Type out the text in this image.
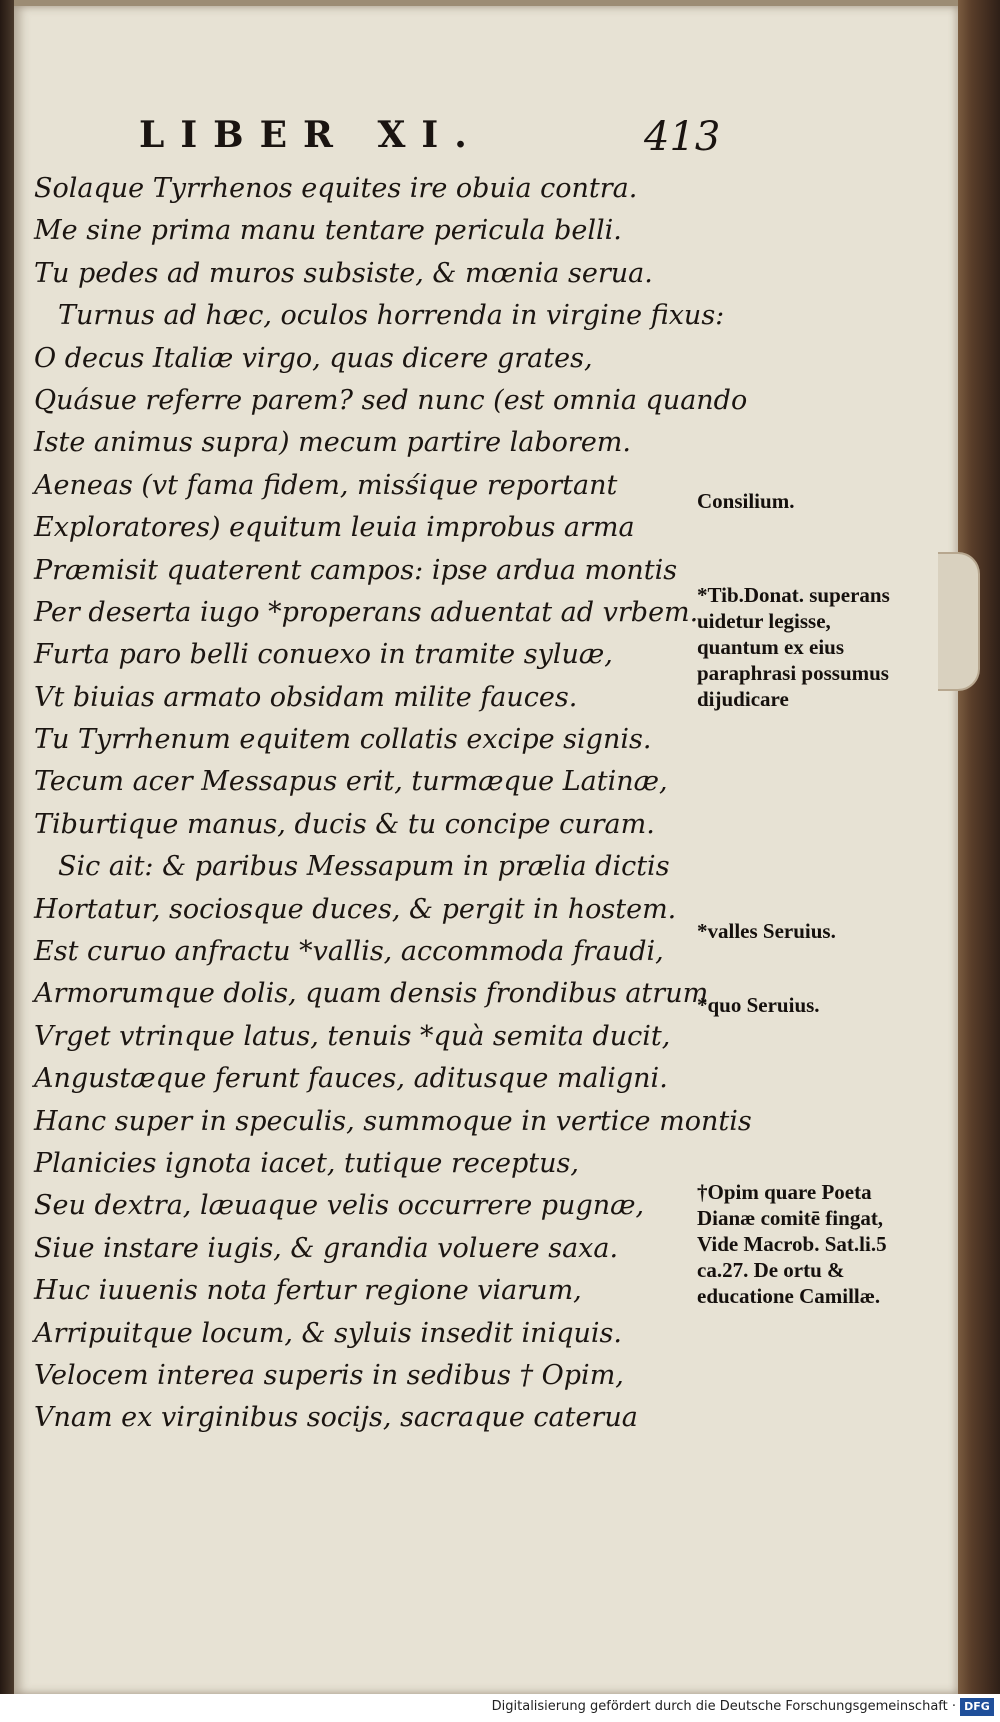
LIBER XI.	413
Solaque Tyrrhenos equites ire obuia contra.
Me sine prima manu tentare pericula belli.
Tu pedes ad muros subsiste, & mœnia serua.
Turnus ad hæc, oculos horrenda in virgine fixus:
O decus Italiæ virgo, quas dicere grates,
Quásue referre parem? sed nunc (est omnia quando
Iste animus supra) mecum partire laborem.
Aeneas (vt fama fidem, misśique reportant
Exploratores) equitum leuia improbus arma
Præmisit quaterent campos: ipse ardua montis
Per deserta iugo *properans aduentat ad vrbem.
Furta paro belli conuexo in tramite syluæ,
Vt biuias armato obsidam milite fauces.
Tu Tyrrhenum equitem collatis excipe signis.
Tecum acer Messapus erit, turmæque Latinæ,
Tiburtique manus, ducis & tu concipe curam.
Sic ait: & paribus Messapum in prælia dictis
Hortatur, sociosque duces, & pergit in hostem.
Est curuo anfractu *vallis, accommoda fraudi,
Armorumque dolis, quam densis frondibus atrum
Vrget vtrinque latus, tenuis *quà semita ducit,
Angustæque ferunt fauces, aditusque maligni.
Hanc super in speculis, summoque in vertice montis
Planicies ignota iacet, tutique receptus,
Seu dextra, læuaque velis occurrere pugnæ,
Siue instare iugis, & grandia voluere saxa.
Huc iuuenis nota fertur regione viarum,
Arripuitque locum, & syluis insedit iniquis.
Velocem interea superis in sedibus † Opim,
Vnam ex virginibus socijs, sacraque caterua

Consilium.

*Tib.Donat. superans uidetur legisse, quantum ex eius paraphrasi possumus dijudicare

*valles Seruius.

*quo Seruius.

†Opim quare Poeta Dianæ comitē fingat, Vide Macrob. Sat.li.5 ca.27. De ortu & educatione Camillæ.

Digitalisierung gefördert durch die Deutsche Forschungsgemeinschaft · DFG
